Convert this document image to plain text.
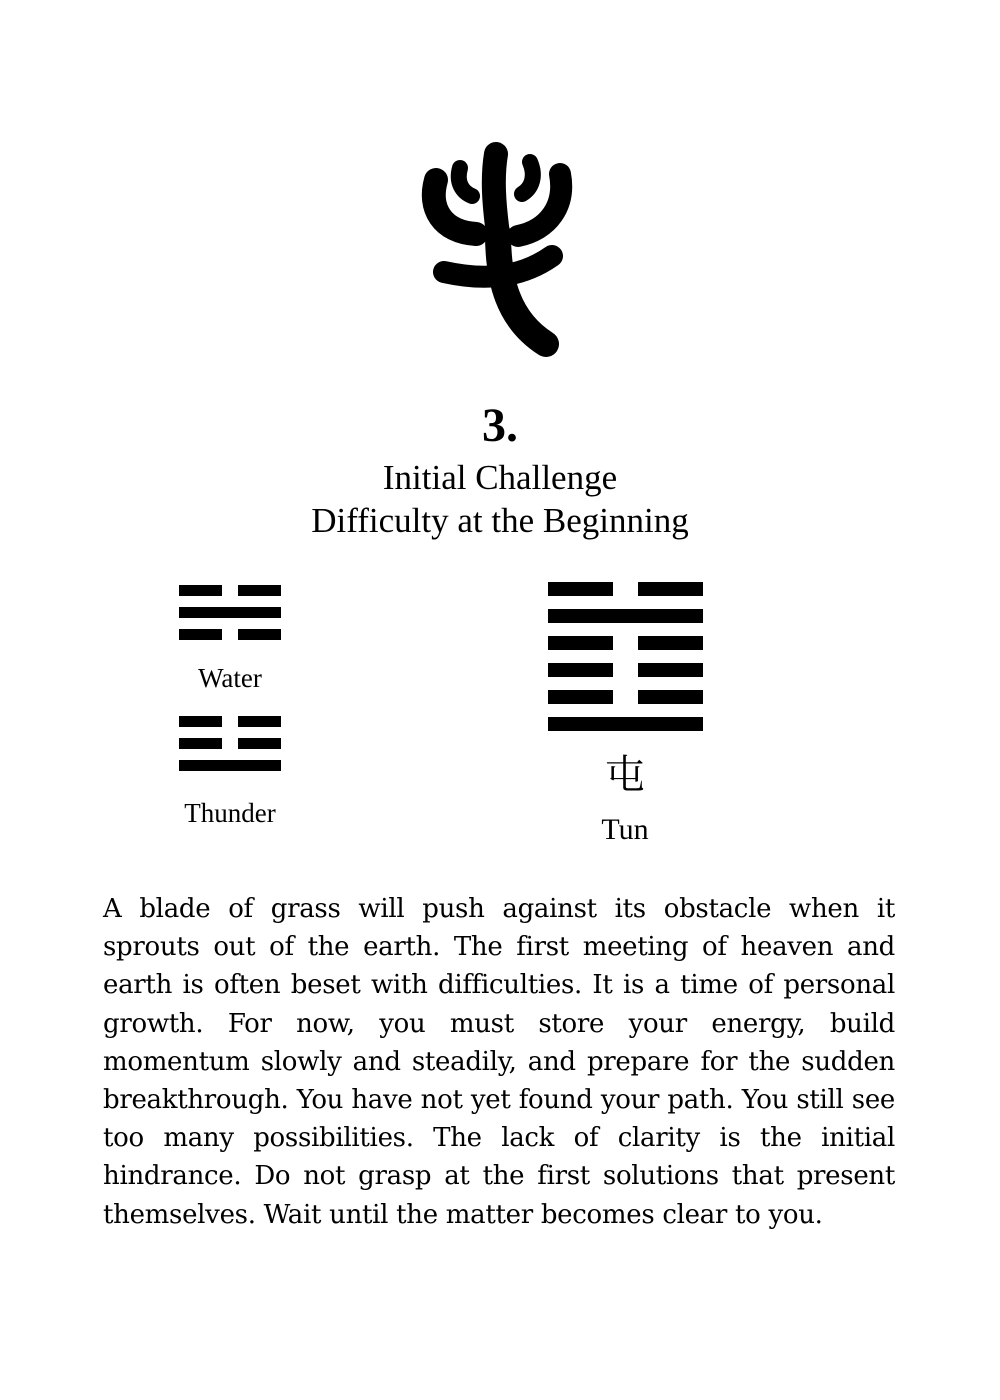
3.
Initial Challenge
Difficulty at the Beginning
Water
Thunder
屯
Tun
A blade of grass will push against its obstacle when it sprouts out of the earth. The first meeting of heaven and earth is often beset with difficulties. It is a time of personal growth. For now, you must store your energy, build momentum slowly and steadily, and prepare for the sudden breakthrough. You have not yet found your path. You still see too many possibilities. The lack of clarity is the initial hindrance. Do not grasp at the first solutions that present themselves. Wait until the matter becomes clear to you.
